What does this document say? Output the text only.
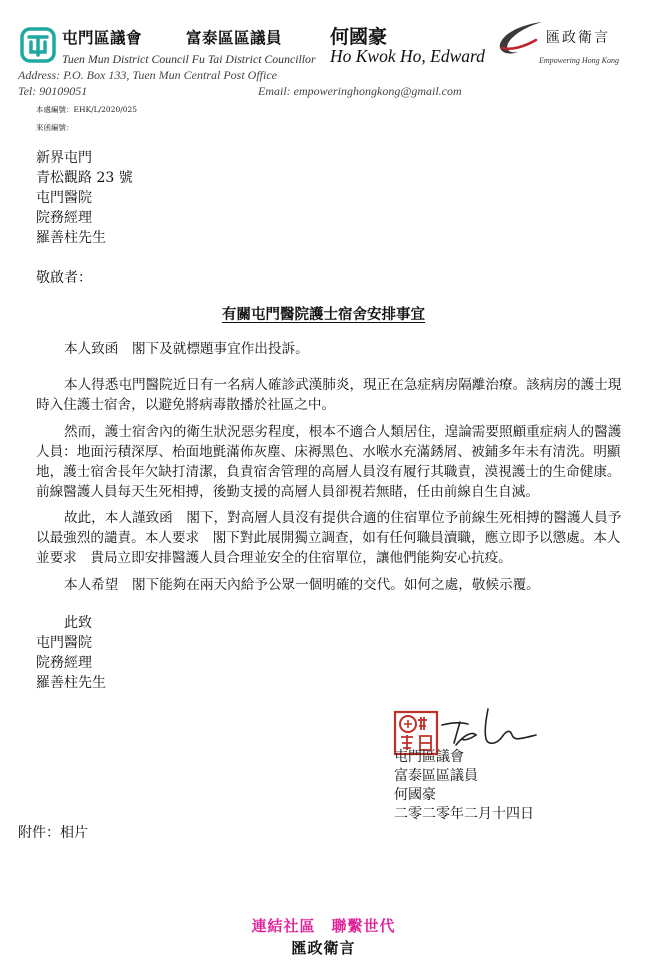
屯門區議會	富泰區區議員
Tuen Mun District Council Fu Tai District Councillor
何國豪
Ho Kwok Ho, Edward
匯政衛言
Empowering Hong Kong
Address: P.O. Box 133, Tuen Mun Central Post Office
Tel: 90109051	Email: empoweringhongkong@gmail.com
本處編號：EHK/L/2020/025
來函編號：
新界屯門
青松觀路 23 號
屯門醫院
院務經理
羅善柱先生
敬啟者：
有關屯門醫院護士宿舍安排事宜
本人致函　閣下及就標題事宜作出投訴。
本人得悉屯門醫院近日有一名病人確診武漢肺炎，現正在急症病房隔離治療。該病房的護士現時入住護士宿舍，以避免將病毒散播於社區之中。
然而，護士宿舍內的衛生狀況惡劣程度，根本不適合人類居住，遑論需要照顧重症病人的醫護人員：地面污積深厚、枱面地氈滿佈灰塵、床褥黑色、水喉水充滿銹屑、被鋪多年未有清洗。明顯地，護士宿舍長年欠缺打清潔，負責宿舍管理的高層人員沒有履行其職責，漠視護士的生命健康。前線醫護人員每天生死相搏，後勤支援的高層人員卻視若無睹，任由前線自生自滅。
故此，本人謹致函　閣下，對高層人員沒有提供合適的住宿單位予前線生死相搏的醫護人員予以最強烈的譴責。本人要求　閣下對此展開獨立調查，如有任何職員瀆職，應立即予以懲處。本人並要求　貴局立即安排醫護人員合理並安全的住宿單位，讓他們能夠安心抗疫。
本人希望　閣下能夠在兩天內給予公眾一個明確的交代。如何之處，敬候示覆。
此致
屯門醫院
院務經理
羅善柱先生
屯門區議會
富泰區區議員
何國豪
二零二零年二月十四日
附件：相片
連結社區　聯繫世代
匯政衛言
